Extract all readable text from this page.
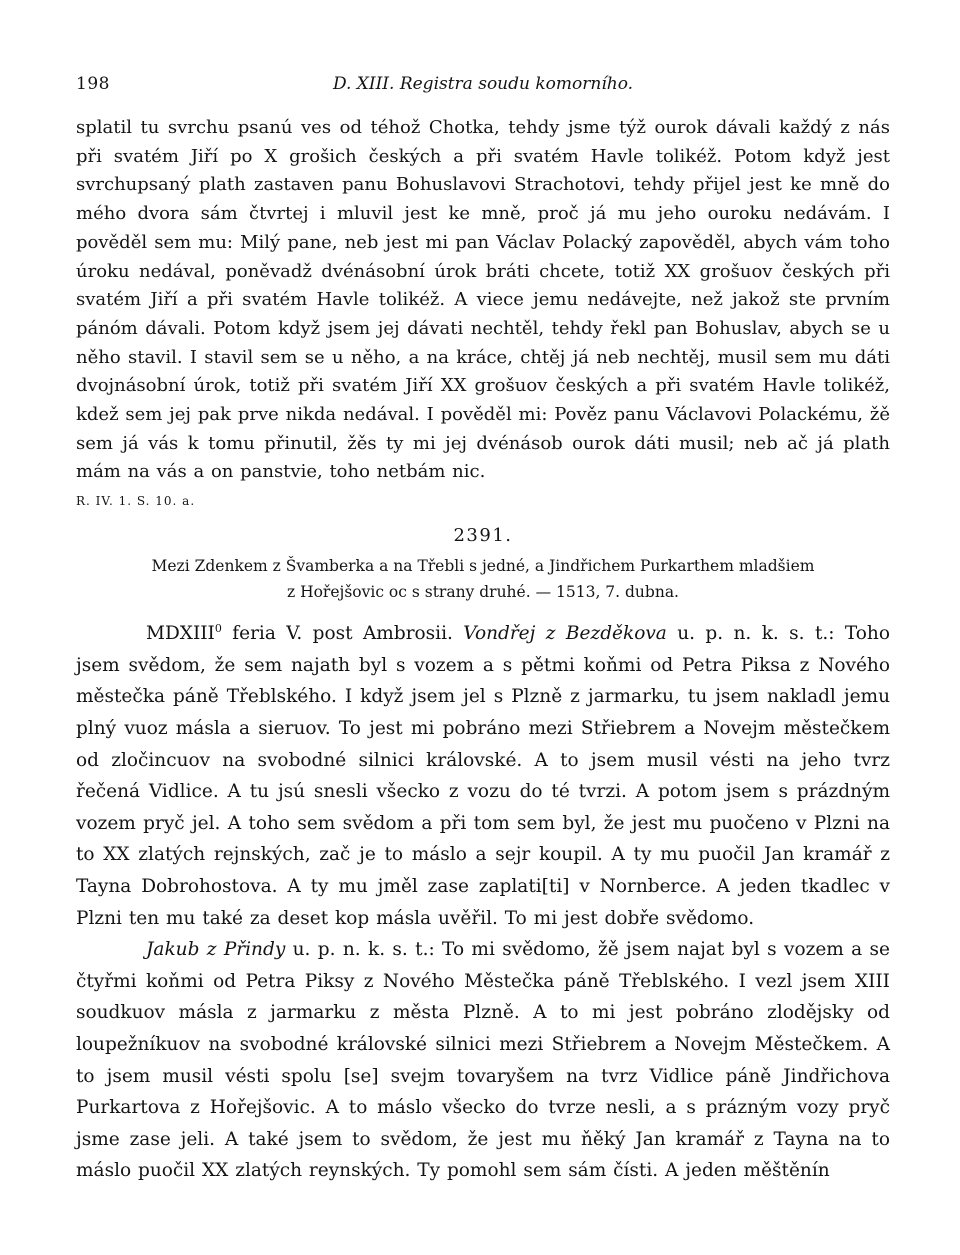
198	D. XIII. Registra soudu komorního.

splatil tu svrchu psanú ves od téhož Chotka, tehdy jsme týž ourok dávali každý z nás při svatém Jiří po X grošich českých a při svatém Havle tolikéž. Potom když jest svrchupsaný plath zastaven panu Bohuslavovi Strachotovi, tehdy přijel jest ke mně do mého dvora sám čtvrtej i mluvil jest ke mně, proč já mu jeho ouroku nedávám. I pověděl sem mu: Milý pane, neb jest mi pan Václav Polacký zapověděl, abych vám toho úroku nedával, poněvadž dvénásobní úrok bráti chcete, totiž XX grošuov českých při svatém Jiří a při svatém Havle tolikéž. A viece jemu nedávejte, než jakož ste prvním pánóm dávali. Potom když jsem jej dávati nechtěl, tehdy řekl pan Bohuslav, abych se u něho stavil. I stavil sem se u něho, a na kráce, chtěj já neb nechtěj, musil sem mu dáti dvojnásobní úrok, totiž při svatém Jiří XX grošuov českých a při svatém Havle tolikéž, kdež sem jej pak prve nikda nedával. I pověděl mi: Pověz panu Václavovi Polackému, žě sem já vás k tomu přinutil, žěs ty mi jej dvénásob ourok dáti musil; neb ač já plath mám na vás a on panstvie, toho netbám nic.

R. IV. 1. S. 10. a.
2391.
Mezi Zdenkem z Švamberka a na Třebli s jedné, a Jindřichem Purkarthem mladšiem
z Hořejšovic oc s strany druhé. — 1513, 7. dubna.

MDXIII$^0$ feria V. post Ambrosii. Vondřej z Bezděkova u. p. n. k. s. t.: Toho jsem svědom, že sem najath byl s vozem a s pětmi koňmi od Petra Piksa z Nového městečka páně Třeblského. I když jsem jel s Plzně z jarmarku, tu jsem nakladl jemu plný vuoz másla a sieruov. To jest mi pobráno mezi Střiebrem a Novejm městečkem od zločincuov na svobodné silnici královské. A to jsem musil vésti na jeho tvrz řečená Vidlice. A tu jsú snesli všecko z vozu do té tvrzi. A potom jsem s prázdným vozem pryč jel. A toho sem svědom a při tom sem byl, že jest mu puočeno v Plzni na to XX zlatých rejnských, zač je to máslo a sejr koupil. A ty mu puočil Jan kramář z Tayna Dobrohostova. A ty mu jměl zase zaplati[ti] v Nornberce. A jeden tkadlec v Plzni ten mu také za deset kop másla uvěřil. To mi jest dobře svědomo.

Jakub z Přindy u. p. n. k. s. t.: To mi svědomo, žě jsem najat byl s vozem a se čtyřmi koňmi od Petra Piksy z Nového Městečka páně Třeblského. I vezl jsem XIII soudkuov másla z jarmarku z města Plzně. A to mi jest pobráno zlodějsky od loupežníkuov na svobodné královské silnici mezi Střiebrem a Novejm Městečkem. A to jsem musil vésti spolu [se] svejm tovaryšem na tvrz Vidlice páně Jindřichova Purkartova z Hořejšovic. A to máslo všecko do tvrze nesli, a s prázným vozy pryč jsme zase jeli. A také jsem to svědom, že jest mu ňěký Jan kramář z Tayna na to máslo puočil XX zlatých reynských. Ty pomohl sem sám čísti. A jeden měštěnín
